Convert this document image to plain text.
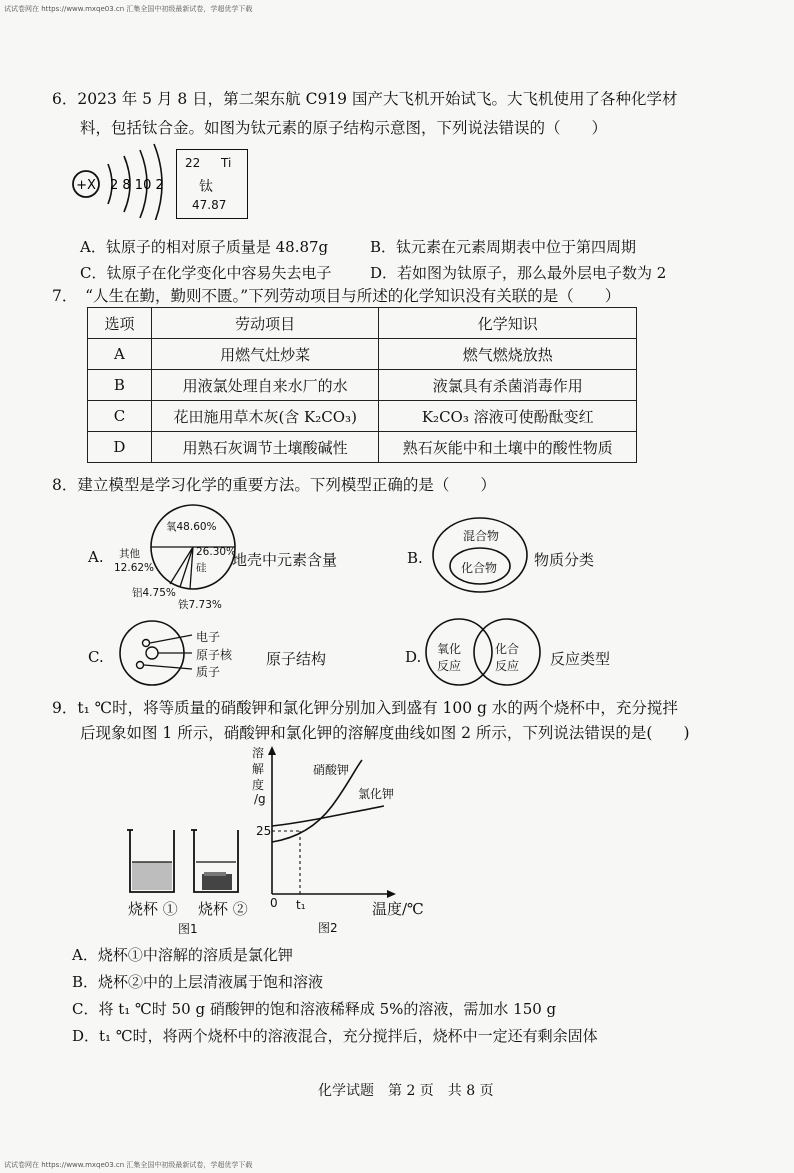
试试卷网在 https://www.mxqe03.cn 汇集全国中初级最新试卷，学超优学下载
6．2023 年 5 月 8 日，第二架东航 C919 国产大飞机开始试飞。大飞机使用了各种化学材
料，包括钛合金。如图为钛元素的原子结构示意图，下列说法错误的（　　）
+X 2 8 10 2
22 Ti
钛
47.87
A．钛原子的相对原子质量是 48.87g	B．钛元素在元素周期表中位于第四周期
C．钛原子在化学变化中容易失去电子	D．若如图为钛原子，那么最外层电子数为 2
7．　“人生在勤，勤则不匮。”下列劳动项目与所述的化学知识没有关联的是（　　）
选项	劳动项目	化学知识
A	用燃气灶炒菜	燃气燃烧放热
B	用液氯处理自来水厂的水	液氯具有杀菌消毒作用
C	花田施用草木灰(含 K₂CO₃)	K₂CO₃ 溶液可使酚酞变红
D	用熟石灰调节土壤酸碱性	熟石灰能中和土壤中的酸性物质
8．建立模型是学习化学的重要方法。下列模型正确的是（　　）
A.
氧48.60%
其他
12.62%
26.30%
硅
铝4.75%
铁7.73%
地壳中元素含量	B.
混合物
化合物 物质分类
C.
电子
原子核
质子
原子结构	D. 氧化
反应
化合
反应 反应类型
9．t₁ ℃时，将等质量的硝酸钾和氯化钾分别加入到盛有 100 g 水的两个烧杯中，充分搅拌
后现象如图 1 所示，硝酸钾和氯化钾的溶解度曲线如图 2 所示，下列说法错误的是(　　)
溶
解
度
/g
硝酸钾
氯化钾
25
0 t₁	温度/℃
图2
烧杯 ① 烧杯 ②
图1
A．烧杯①中溶解的溶质是氯化钾
B．烧杯②中的上层清液属于饱和溶液
C．将 t₁ ℃时 50 g 硝酸钾的饱和溶液稀释成 5%的溶液，需加水 150 g
D．t₁ ℃时，将两个烧杯中的溶液混合，充分搅拌后，烧杯中一定还有剩余固体
化学试题　第 2 页　共 8 页
试试卷网在 https://www.mxqe03.cn 汇集全国中初级最新试卷，学超优学下载
